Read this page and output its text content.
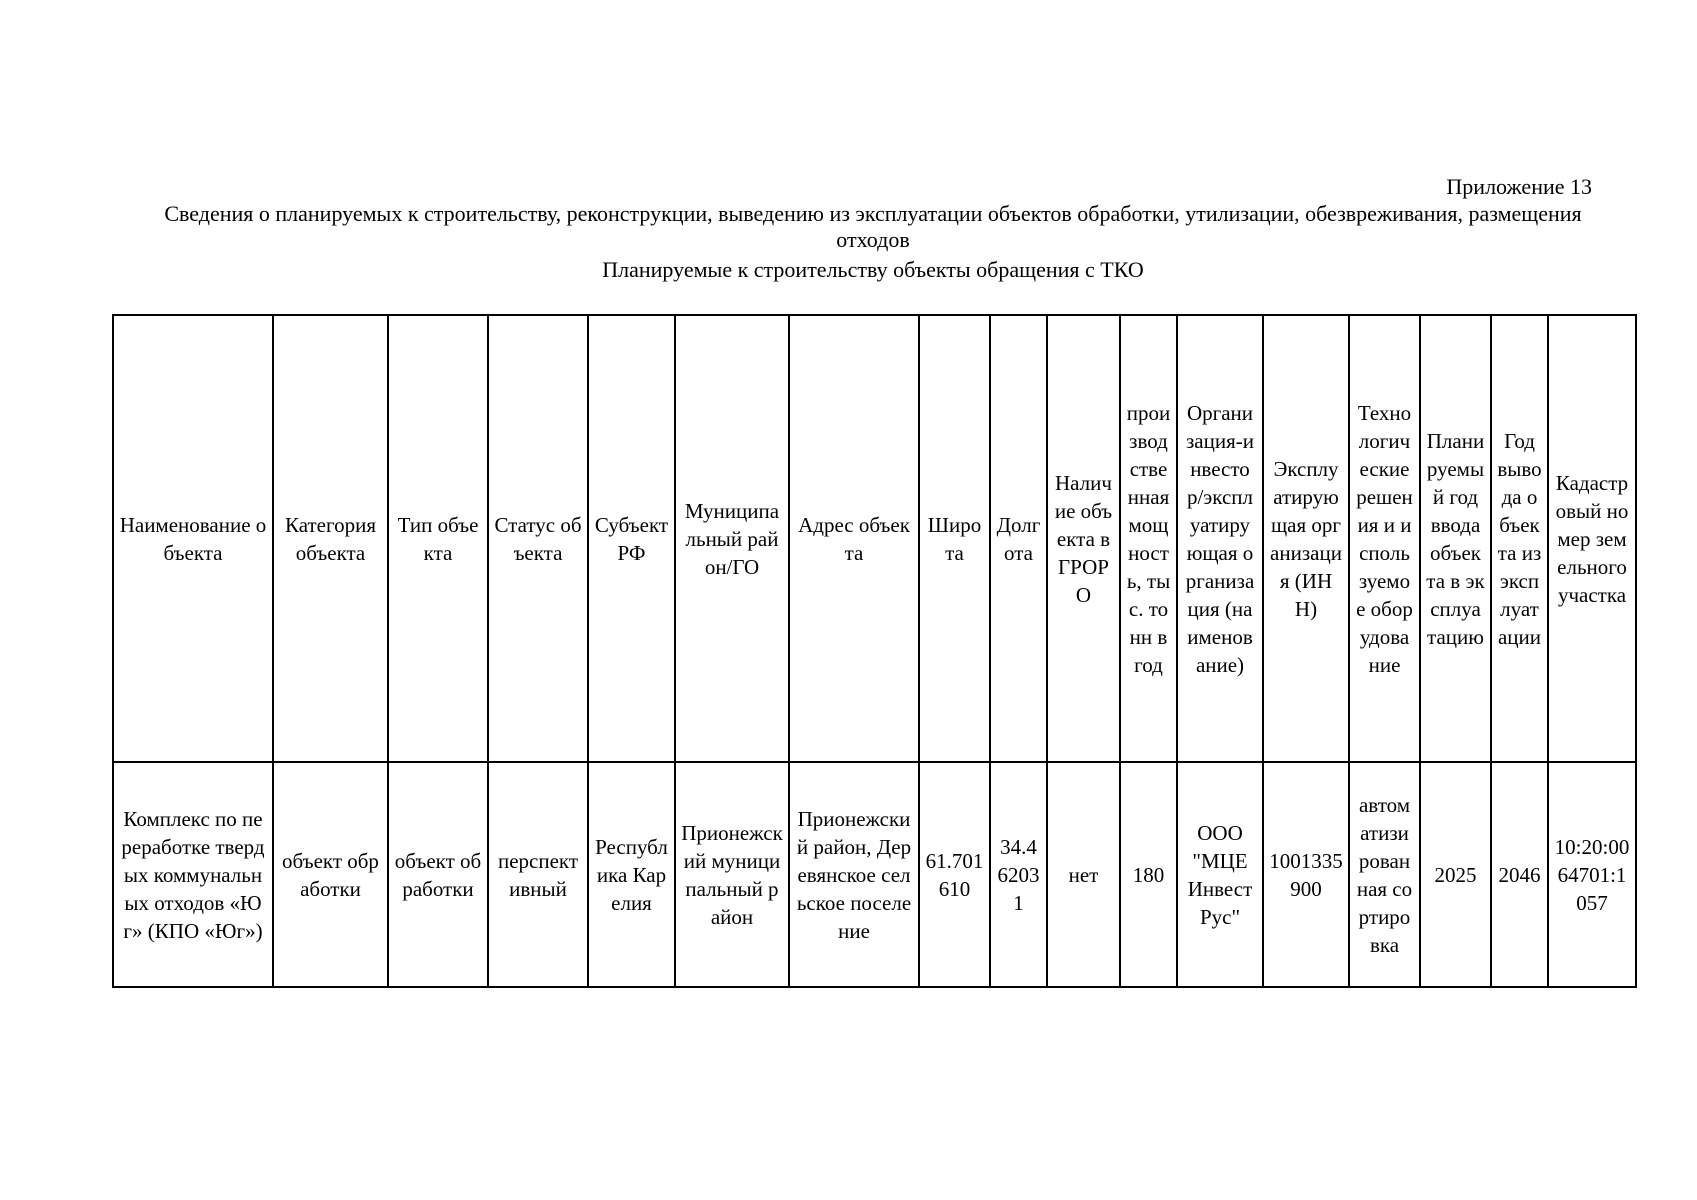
Приложение 13
Сведения о планируемых к строительству, реконструкции, выведению из эксплуатации объектов обработки, утилизации, обезвреживания, размещения отходов
Планируемые к строительству объекты обращения с ТКО
Наименование объекта	Категория объекта	Тип объекта	Статус объекта	Субъект РФ	Муниципальный район/ГО	Адрес объекта	Широта	Долгота	Наличие объекта в ГРОРО	производственная мощность, тыс. тонн в год	Организация-инвестор/эксплуатирующая организация (наименование)	Эксплуатирующая организация (ИНН)	Технологические решения и используемое оборудование	Планируемый год ввода объекта в эксплуатацию	Год вывода объекта из эксплуатации	Кадастровый номер земельного участка
Комплекс по переработке твердых коммунальных отходов «Юг» (КПО «Юг»)	объект обработки	объект обработки	перспективный	Республика Карелия	Прионежский муниципальный район	Прионежский район, Деревянское сельское поселение	61.701610	34.462031	нет	180	ООО "МЦЕ Инвест Рус"	1001335900	автоматизированная сортировка	2025	2046	10:20:0064701:1057
